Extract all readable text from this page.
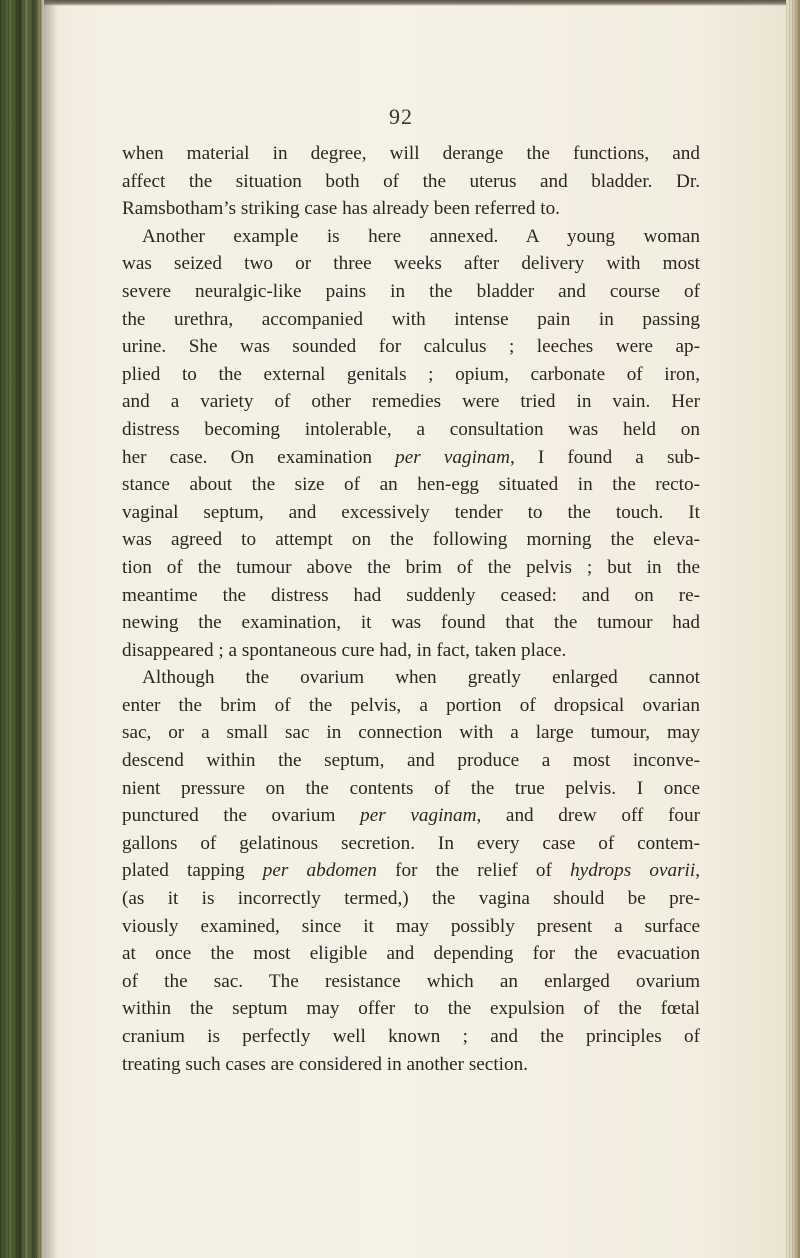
92
when material in degree, will derange the functions, and
affect the situation both of the uterus and bladder. Dr.
Ramsbotham’s striking case has already been referred to.
Another example is here annexed. A young woman
was seized two or three weeks after delivery with most
severe neuralgic-like pains in the bladder and course of
the urethra, accompanied with intense pain in passing
urine. She was sounded for calculus ; leeches were ap-
plied to the external genitals ; opium, carbonate of iron,
and a variety of other remedies were tried in vain. Her
distress becoming intolerable, a consultation was held on
her case. On examination per vaginam, I found a sub-
stance about the size of an hen-egg situated in the recto-
vaginal septum, and excessively tender to the touch. It
was agreed to attempt on the following morning the eleva-
tion of the tumour above the brim of the pelvis ; but in the
meantime the distress had suddenly ceased: and on re-
newing the examination, it was found that the tumour had
disappeared ; a spontaneous cure had, in fact, taken place.
Although the ovarium when greatly enlarged cannot
enter the brim of the pelvis, a portion of dropsical ovarian
sac, or a small sac in connection with a large tumour, may
descend within the septum, and produce a most inconve-
nient pressure on the contents of the true pelvis. I once
punctured the ovarium per vaginam, and drew off four
gallons of gelatinous secretion. In every case of contem-
plated tapping per abdomen for the relief of hydrops ovarii,
(as it is incorrectly termed,) the vagina should be pre-
viously examined, since it may possibly present a surface
at once the most eligible and depending for the evacuation
of the sac. The resistance which an enlarged ovarium
within the septum may offer to the expulsion of the fœtal
cranium is perfectly well known ; and the principles of
treating such cases are considered in another section.
